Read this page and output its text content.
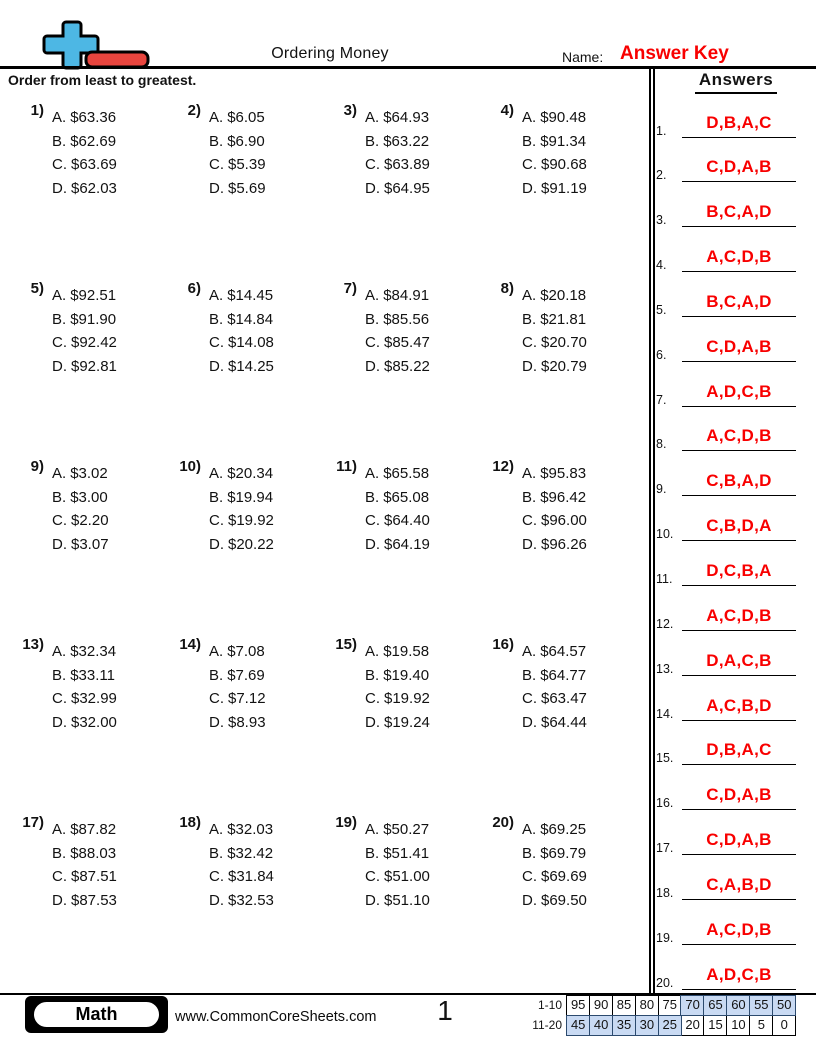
Ordering Money	Name: Answer Key
Order from least to greatest.
1) A. $63.36
B. $62.69
C. $63.69
D. $62.03
2) A. $6.05
B. $6.90
C. $5.39
D. $5.69
3) A. $64.93
B. $63.22
C. $63.89
D. $64.95
4) A. $90.48
B. $91.34
C. $90.68
D. $91.19
5) A. $92.51
B. $91.90
C. $92.42
D. $92.81
6) A. $14.45
B. $14.84
C. $14.08
D. $14.25
7) A. $84.91
B. $85.56
C. $85.47
D. $85.22
8) A. $20.18
B. $21.81
C. $20.70
D. $20.79
9) A. $3.02
B. $3.00
C. $2.20
D. $3.07
10) A. $20.34
B. $19.94
C. $19.92
D. $20.22
11) A. $65.58
B. $65.08
C. $64.40
D. $64.19
12) A. $95.83
B. $96.42
C. $96.00
D. $96.26
13) A. $32.34
B. $33.11
C. $32.99
D. $32.00
14) A. $7.08
B. $7.69
C. $7.12
D. $8.93
15) A. $19.58
B. $19.40
C. $19.92
D. $19.24
16) A. $64.57
B. $64.77
C. $63.47
D. $64.44
17) A. $87.82
B. $88.03
C. $87.51
D. $87.53
18) A. $32.03
B. $32.42
C. $31.84
D. $32.53
19) A. $50.27
B. $51.41
C. $51.00
D. $51.10
20) A. $69.25
B. $69.79
C. $69.69
D. $69.50
Answers
1.	D,B,A,C
2.	C,D,A,B
3.	B,C,A,D
4.	A,C,D,B
5.	B,C,A,D
6.	C,D,A,B
7.	A,D,C,B
8.	A,C,D,B
9.	C,B,A,D
10.	C,B,D,A
11.	D,C,B,A
12.	A,C,D,B
13.	D,A,C,B
14.	A,C,B,D
15.	D,B,A,C
16.	C,D,A,B
17.	C,D,A,B
18.	C,A,B,D
19.	A,C,D,B
20.	A,D,C,B
Math	www.CommonCoreSheets.com	1	1-10 95 90 85 80 75 70 65 60 55 50
11-20 45 40 35 30 25 20 15 10 5	0
